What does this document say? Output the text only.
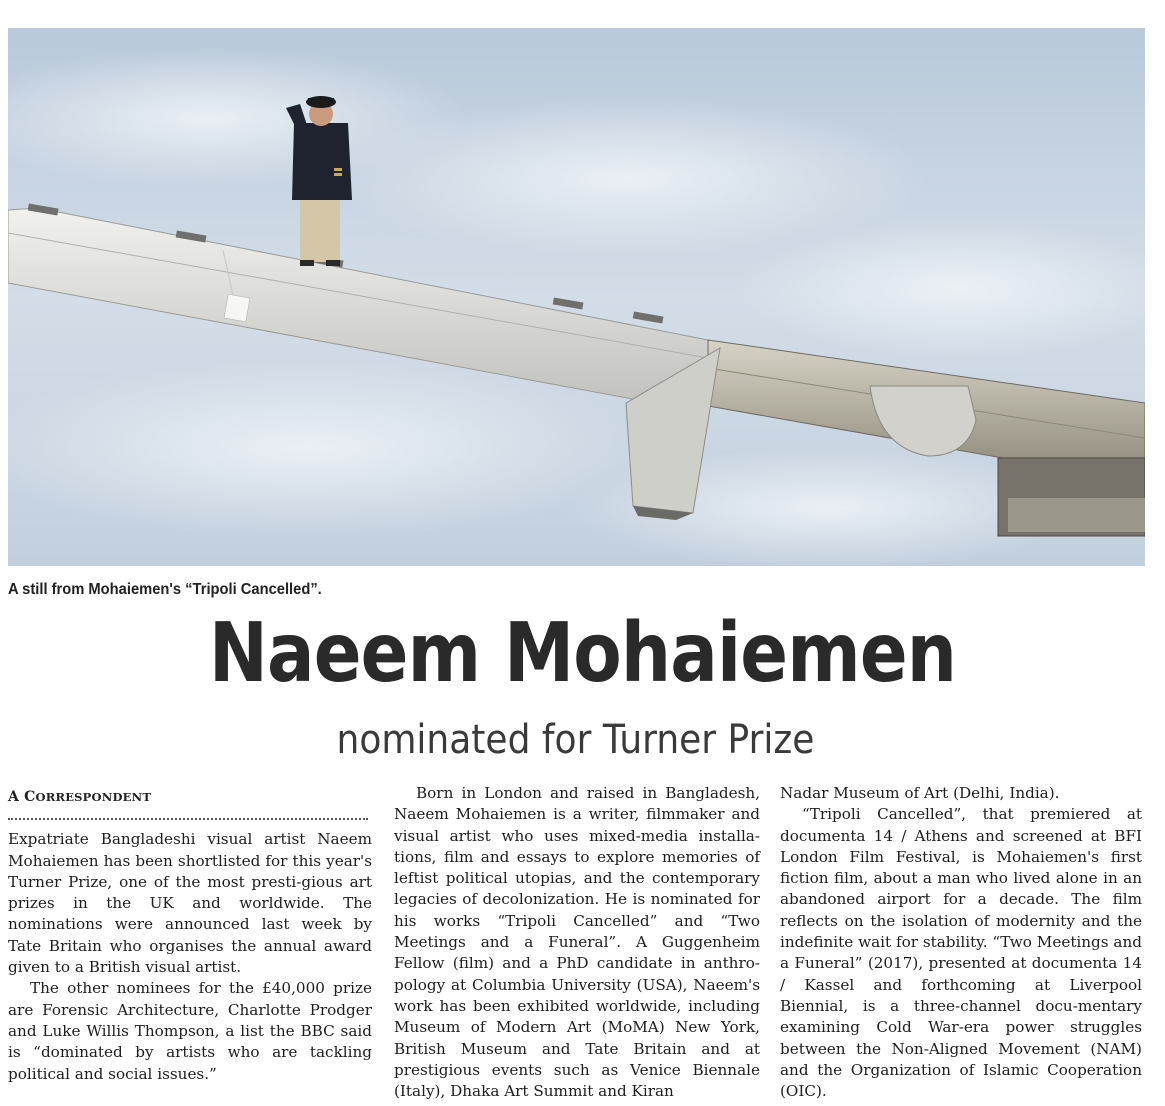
A still from Mohaiemen's “Tripoli Cancelled”.
Naeem Mohaiemen
nominated for Turner Prize
A CORRESPONDENT

Expatriate Bangladeshi visual artist Naeem Mohaiemen has been shortlisted for this year's Turner Prize, one of the most presti-gious art prizes in the UK and worldwide. The nominations were announced last week by Tate Britain who organises the annual award given to a British visual artist.

The other nominees for the £40,000 prize are Forensic Architecture, Charlotte Prodger and Luke Willis Thompson, a list the BBC said is “dominated by artists who are tackling political and social issues.”

Born in London and raised in Bangladesh, Naeem Mohaiemen is a writer, filmmaker and visual artist who uses mixed-media installa-tions, film and essays to explore memories of leftist political utopias, and the contemporary legacies of decolonization. He is nominated for his works “Tripoli Cancelled” and “Two Meetings and a Funeral”. A Guggenheim Fellow (film) and a PhD candidate in anthro-pology at Columbia University (USA), Naeem's work has been exhibited worldwide, including Museum of Modern Art (MoMA) New York, British Museum and Tate Britain and at prestigious events such as Venice Biennale (Italy), Dhaka Art Summit and Kiran

Nadar Museum of Art (Delhi, India).

“Tripoli Cancelled”, that premiered at documenta 14 / Athens and screened at BFI London Film Festival, is Mohaiemen's first fiction film, about a man who lived alone in an abandoned airport for a decade. The film reflects on the isolation of modernity and the indefinite wait for stability. “Two Meetings and a Funeral” (2017), presented at documenta 14 / Kassel and forthcoming at Liverpool Biennial, is a three-channel docu-mentary examining Cold War-era power struggles between the Non-Aligned Movement (NAM) and the Organization of Islamic Cooperation (OIC).
